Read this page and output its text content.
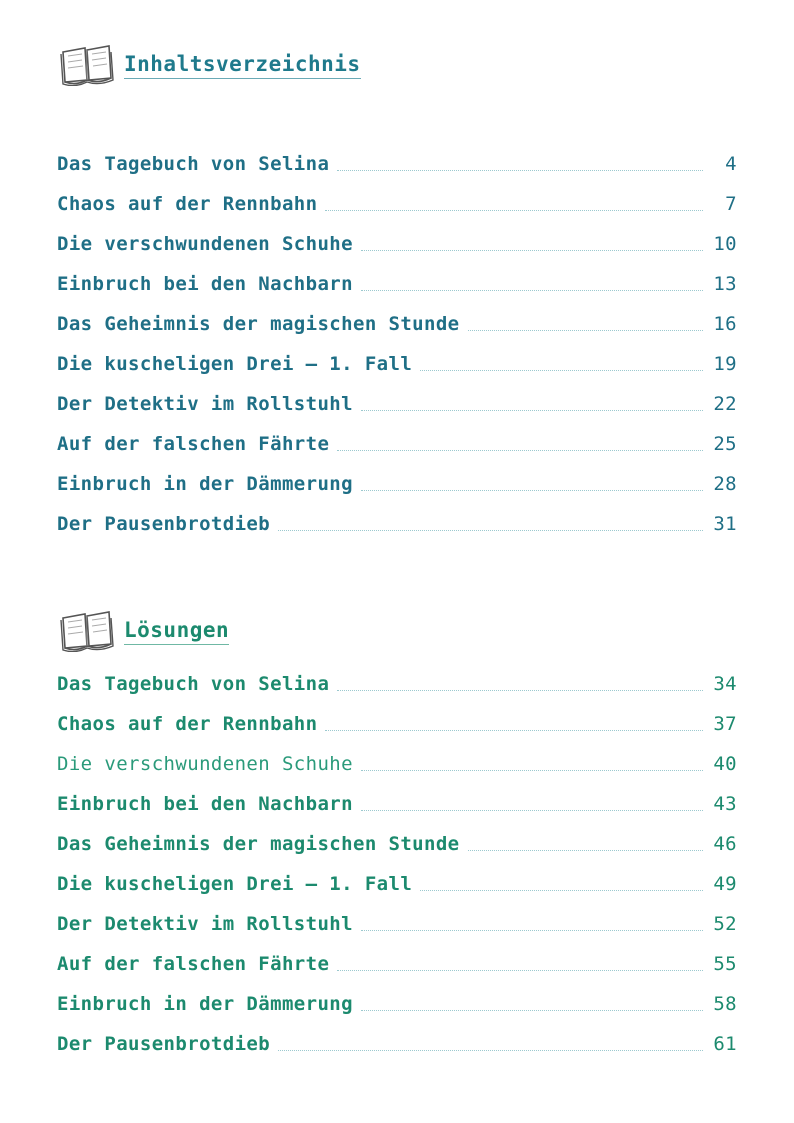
Inhaltsverzeichnis
Das Tagebuch von Selina	4
Chaos auf der Rennbahn	7
Die verschwundenen Schuhe	10
Einbruch bei den Nachbarn	13
Das Geheimnis der magischen Stunde	16
Die kuscheligen Drei – 1. Fall	19
Der Detektiv im Rollstuhl	22
Auf der falschen Fährte	25
Einbruch in der Dämmerung	28
Der Pausenbrotdieb	31
Lösungen
Das Tagebuch von Selina	34
Chaos auf der Rennbahn	37
Die verschwundenen Schuhe	40
Einbruch bei den Nachbarn	43
Das Geheimnis der magischen Stunde	46
Die kuscheligen Drei – 1. Fall	49
Der Detektiv im Rollstuhl	52
Auf der falschen Fährte	55
Einbruch in der Dämmerung	58
Der Pausenbrotdieb	61
